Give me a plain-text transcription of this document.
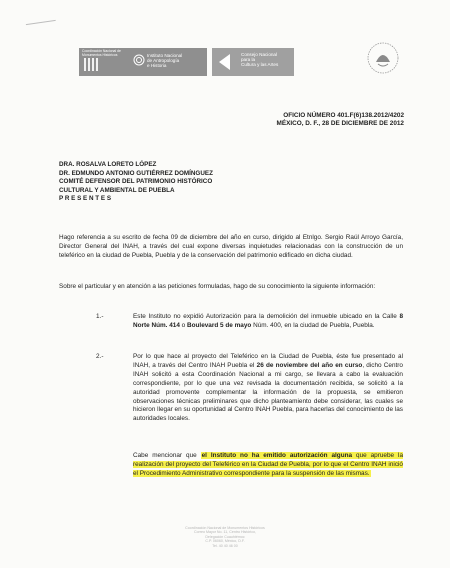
Coordinación Nacional de Monumentos Históricos	Instituto Nacional
de Antropología
e Historia
Consejo Nacional
para la
Cultura y las Artes
OFICIO NÚMERO 401.F(6)138.2012/4202
MÉXICO, D. F., 28 DE DICIEMBRE DE 2012
DRA. ROSALVA LORETO LÓPEZ
DR. EDMUNDO ANTONIO GUTIÉRREZ DOMÍNGUEZ
COMITÉ DEFENSOR DEL PATRIMONIO HISTÓRICO
CULTURAL Y AMBIENTAL DE PUEBLA
P R E S E N T E S
Hago referencia a su escrito de fecha 09 de diciembre del año en curso, dirigido al Etnlgo. Sergio Raúl Arroyo García, Director General del INAH, a través del cual expone diversas inquietudes relacionadas con la construcción de un teleférico en la ciudad de Puebla, Puebla y de la conservación del patrimonio edificado en dicha ciudad.
Sobre el particular y en atención a las peticiones formuladas, hago de su conocimiento la siguiente información:
1.-	Este Instituto no expidió Autorización para la demolición del inmueble ubicado en la Calle 8 Norte Núm. 414 o Boulevard 5 de mayo Núm. 400, en la ciudad de Puebla, Puebla.
2.-	Por lo que hace al proyecto del Teleférico en la Ciudad de Puebla, éste fue presentado al INAH, a través del Centro INAH Puebla el 26 de noviembre del año en curso, dicho Centro INAH solicitó a esta Coordinación Nacional a mi cargo, se llevara a cabo la evaluación correspondiente, por lo que una vez revisada la documentación recibida, se solicitó a la autoridad promovente complementar la información de la propuesta, se emitieron observaciones técnicas preliminares que dicho planteamiento debe considerar, las cuales se hicieron llegar en su oportunidad al Centro INAH Puebla, para hacerlas del conocimiento de las autoridades locales.
Cabe mencionar que el Instituto no ha emitido autorización alguna que apruebe la realización del proyecto del Teleférico en la Ciudad de Puebla, por lo que el Centro INAH inició el Procedimiento Administrativo correspondiente para la suspensión de las mismas.
Coordinación Nacional de Monumentos Históricos
Correo Mayor No. 11, Centro Histórico,
Delegación Cuauhtémoc
C.P. 06060, México, D.F.
Tel. 40 40 46 00
